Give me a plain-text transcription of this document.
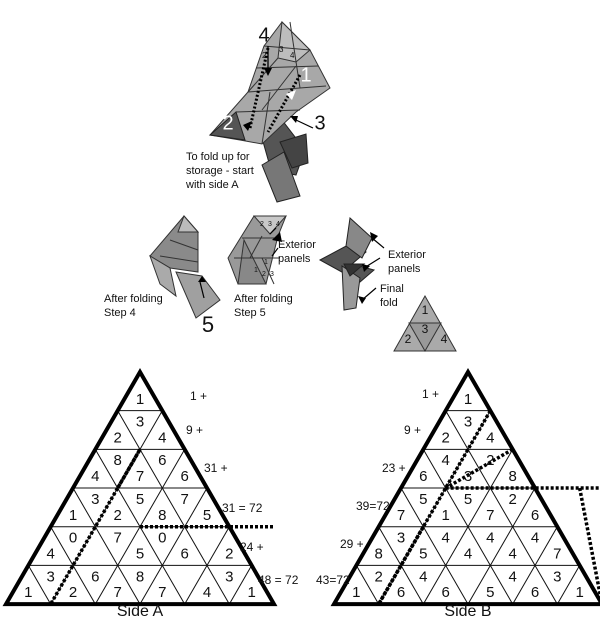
4
1
2	3
2
3
4
To fold up for
storage - start
with side A
After folding
Step 4	5
2 3 4
1
1
2 3
Exterior
panels
After folding
Step 5
Exterior
panels
Final
fold
1
2
3
4
1
2
3
4
4
8
7
6
6
1
3
2
5
8
7
5
4
0 7
5
0
6 2
1
3
2
6
7
8
7 4
3
1
Side A
1
2
3
4
6
4
3
2
8
7
5
1
5
7 6
8 5
4 4
4 7
3
4
4
2
1
2
6
4
6 5
4
6
3
1
Side B
1 +
9 +
31 +
31 = 72
24 +
48 = 72
1 +
9 +
23 +
39=72
29 +
43=72
